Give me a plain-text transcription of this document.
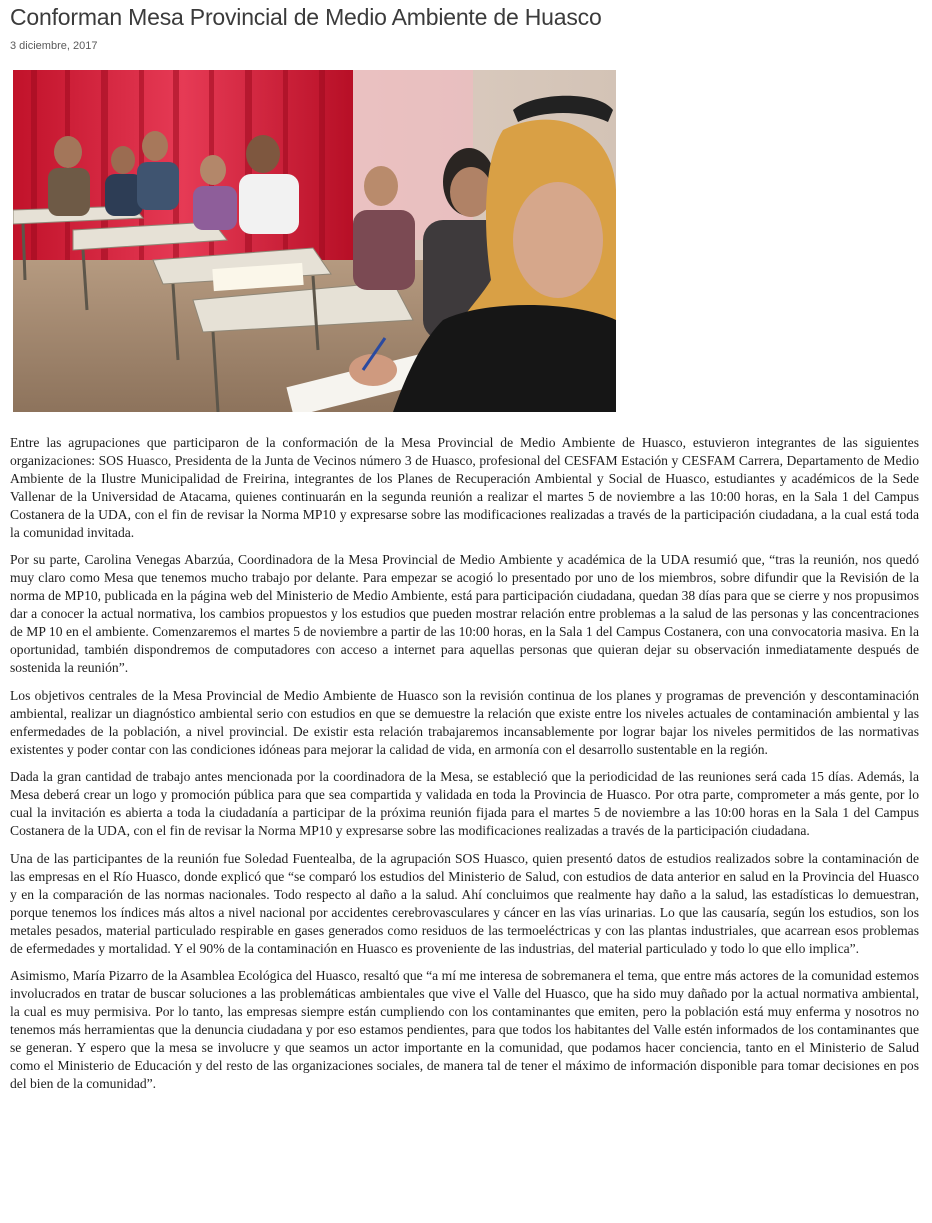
Conforman Mesa Provincial de Medio Ambiente de Huasco
3 diciembre, 2017

Entre las agrupaciones que participaron de la conformación de la Mesa Provincial de Medio Ambiente de Huasco, estuvieron integrantes de las siguientes organizaciones: SOS Huasco, Presidenta de la Junta de Vecinos número 3 de Huasco, profesional del CESFAM Estación y CESFAM Carrera, Departamento de Medio Ambiente de la Ilustre Municipalidad de Freirina, integrantes de los Planes de Recuperación Ambiental y Social de Huasco, estudiantes y académicos de la Sede Vallenar de la Universidad de Atacama, quienes continuarán en la segunda reunión a realizar el martes 5 de noviembre a las 10:00 horas, en la Sala 1 del Campus Costanera de la UDA, con el fin de revisar la Norma MP10 y expresarse sobre las modificaciones realizadas a través de la participación ciudadana, a la cual está toda la comunidad invitada.

Por su parte, Carolina Venegas Abarzúa, Coordinadora de la Mesa Provincial de Medio Ambiente y académica de la UDA resumió que, “tras la reunión, nos quedó muy claro como Mesa que tenemos mucho trabajo por delante. Para empezar se acogió lo presentado por uno de los miembros, sobre difundir que la Revisión de la norma de MP10, publicada en la página web del Ministerio de Medio Ambiente, está para participación ciudadana, quedan 38 días para que se cierre y nos propusimos dar a conocer la actual normativa, los cambios propuestos y los estudios que pueden mostrar relación entre problemas a la salud de las personas y las concentraciones de MP 10 en el ambiente. Comenzaremos el martes 5 de noviembre a partir de las 10:00 horas, en la Sala 1 del Campus Costanera, con una convocatoria masiva. En la oportunidad, también dispondremos de computadores con acceso a internet para aquellas personas que quieran dejar su observación inmediatamente después de sostenida la reunión”.

Los objetivos centrales de la Mesa Provincial de Medio Ambiente de Huasco son la revisión continua de los planes y programas de prevención y descontaminación ambiental, realizar un diagnóstico ambiental serio con estudios en que se demuestre la relación que existe entre los niveles actuales de contaminación ambiental y las enfermedades de la población, a nivel provincial. De existir esta relación trabajaremos incansablemente por lograr bajar los niveles permitidos de las normativas existentes y poder contar con las condiciones idóneas para mejorar la calidad de vida, en armonía con el desarrollo sustentable en la región.

Dada la gran cantidad de trabajo antes mencionada por la coordinadora de la Mesa, se estableció que la periodicidad de las reuniones será cada 15 días. Además, la Mesa deberá crear un logo y promoción pública para que sea compartida y validada en toda la Provincia de Huasco. Por otra parte, comprometer a más gente, por lo cual la invitación es abierta a toda la ciudadanía a participar de la próxima reunión fijada para el martes 5 de noviembre a las 10:00 horas en la Sala 1 del Campus Costanera de la UDA, con el fin de revisar la Norma MP10 y expresarse sobre las modificaciones realizadas a través de la participación ciudadana.

Una de las participantes de la reunión fue Soledad Fuentealba, de la agrupación SOS Huasco, quien presentó datos de estudios realizados sobre la contaminación de las empresas en el Río Huasco, donde explicó que “se comparó los estudios del Ministerio de Salud, con estudios de data anterior en salud en la Provincia del Huasco y en la comparación de las normas nacionales. Todo respecto al daño a la salud. Ahí concluimos que realmente hay daño a la salud, las estadísticas lo demuestran, porque tenemos los índices más altos a nivel nacional por accidentes cerebrovasculares y cáncer en las vías urinarias. Lo que las causaría, según los estudios, son los metales pesados, material particulado respirable en gases generados como residuos de las termoeléctricas y con las plantas industriales, que acarrean esos problemas de efermedades y mortalidad. Y el 90% de la contaminación en Huasco es proveniente de las industrias, del material particulado y todo lo que ello implica”.

Asimismo, María Pizarro de la Asamblea Ecológica del Huasco, resaltó que “a mí me interesa de sobremanera el tema, que entre más actores de la comunidad estemos involucrados en tratar de buscar soluciones a las problemáticas ambientales que vive el Valle del Huasco, que ha sido muy dañado por la actual normativa ambiental, la cual es muy permisiva. Por lo tanto, las empresas siempre están cumpliendo con los contaminantes que emiten, pero la población está muy enferma y nosotros no tenemos más herramientas que la denuncia ciudadana y por eso estamos pendientes, para que todos los habitantes del Valle estén informados de los contaminantes que se generan. Y espero que la mesa se involucre y que seamos un actor importante en la comunidad, que podamos hacer conciencia, tanto en el Ministerio de Salud como el Ministerio de Educación y del resto de las organizaciones sociales, de manera tal de tener el máximo de información disponible para tomar decisiones en pos del bien de la comunidad”.
